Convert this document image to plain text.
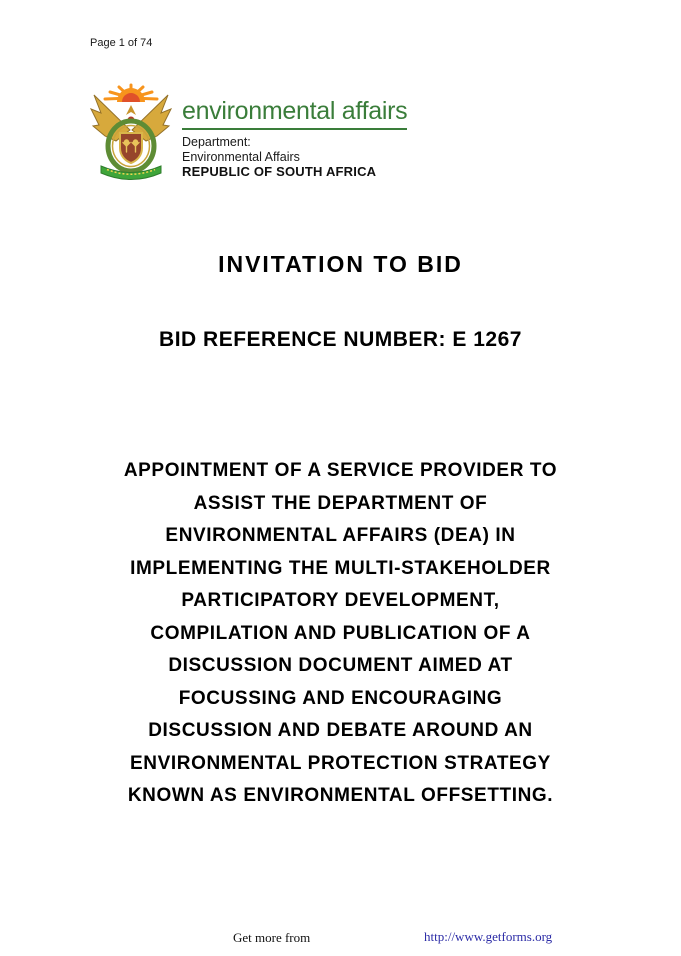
Page 1 of 74
environmental affairs
Department:
Environmental Affairs
REPUBLIC OF SOUTH AFRICA
INVITATION TO BID
BID REFERENCE NUMBER: E 1267
APPOINTMENT OF A SERVICE PROVIDER TO
ASSIST THE DEPARTMENT OF
ENVIRONMENTAL AFFAIRS (DEA) IN
IMPLEMENTING THE MULTI-STAKEHOLDER
PARTICIPATORY DEVELOPMENT,
COMPILATION AND PUBLICATION OF A
DISCUSSION DOCUMENT AIMED AT
FOCUSSING AND ENCOURAGING
DISCUSSION AND DEBATE AROUND AN
ENVIRONMENTAL PROTECTION STRATEGY
KNOWN AS ENVIRONMENTAL OFFSETTING.
Get more from	http://www.getforms.org
